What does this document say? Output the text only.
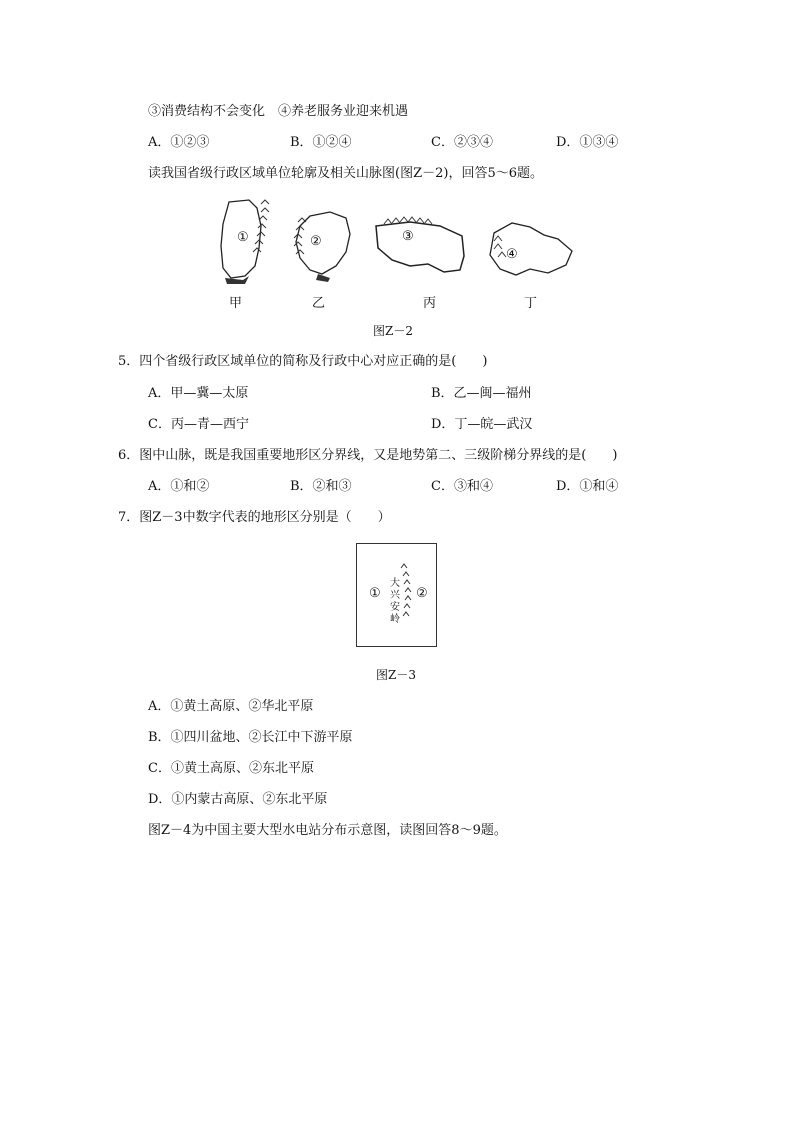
③消费结构不会变化　④养老服务业迎来机遇
A．①②③	B．①②④	C．②③④	D．①③④
读我国省级行政区域单位轮廓及相关山脉图(图Z－2)，回答5～6题。
①	②	③
④
甲	乙	丙	丁
图Z－2
5．四个省级行政区域单位的简称及行政中心对应正确的是(　　)
A．甲—冀—太原	B．乙—闽—福州
C．丙—青—西宁	D．丁—皖—武汉
6．图中山脉，既是我国重要地形区分界线，又是地势第二、三级阶梯分界线的是(　　)
A．①和②	B．②和③	C．③和④	D．①和④
7．图Z－3中数字代表的地形区分别是（　　）
①	②
大
兴
安
岭
图Z－3
A．①黄土高原、②华北平原
B．①四川盆地、②长江中下游平原
C．①黄土高原、②东北平原
D．①内蒙古高原、②东北平原
图Z－4为中国主要大型水电站分布示意图，读图回答8～9题。
